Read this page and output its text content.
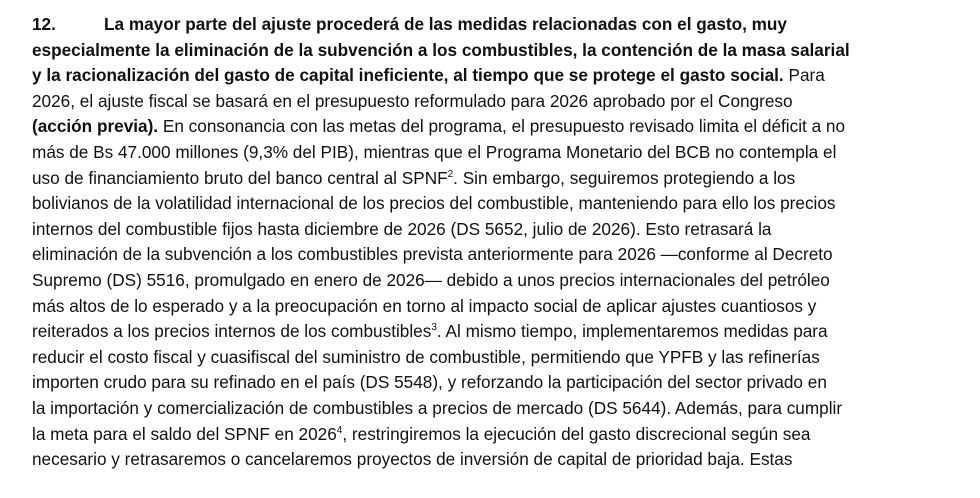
12.	La mayor parte del ajuste procederá de las medidas relacionadas con el gasto, muy
especialmente la eliminación de la subvención a los combustibles, la contención de la masa salarial
y la racionalización del gasto de capital ineficiente, al tiempo que se protege el gasto social. Para
2026, el ajuste fiscal se basará en el presupuesto reformulado para 2026 aprobado por el Congreso
(acción previa). En consonancia con las metas del programa, el presupuesto revisado limita el déficit a no
más de Bs 47.000 millones (9,3% del PIB), mientras que el Programa Monetario del BCB no contempla el
uso de financiamiento bruto del banco central al SPNF$^2$. Sin embargo, seguiremos protegiendo a los
bolivianos de la volatilidad internacional de los precios del combustible, manteniendo para ello los precios
internos del combustible fijos hasta diciembre de 2026 (DS 5652, julio de 2026). Esto retrasará la
eliminación de la subvención a los combustibles prevista anteriormente para 2026 —conforme al Decreto
Supremo (DS) 5516, promulgado en enero de 2026— debido a unos precios internacionales del petróleo
más altos de lo esperado y a la preocupación en torno al impacto social de aplicar ajustes cuantiosos y
reiterados a los precios internos de los combustibles$^3$. Al mismo tiempo, implementaremos medidas para
reducir el costo fiscal y cuasifiscal del suministro de combustible, permitiendo que YPFB y las refinerías
importen crudo para su refinado en el país (DS 5548), y reforzando la participación del sector privado en
la importación y comercialización de combustibles a precios de mercado (DS 5644). Además, para cumplir
la meta para el saldo del SPNF en 2026$^4$, restringiremos la ejecución del gasto discrecional según sea
necesario y retrasaremos o cancelaremos proyectos de inversión de capital de prioridad baja. Estas
